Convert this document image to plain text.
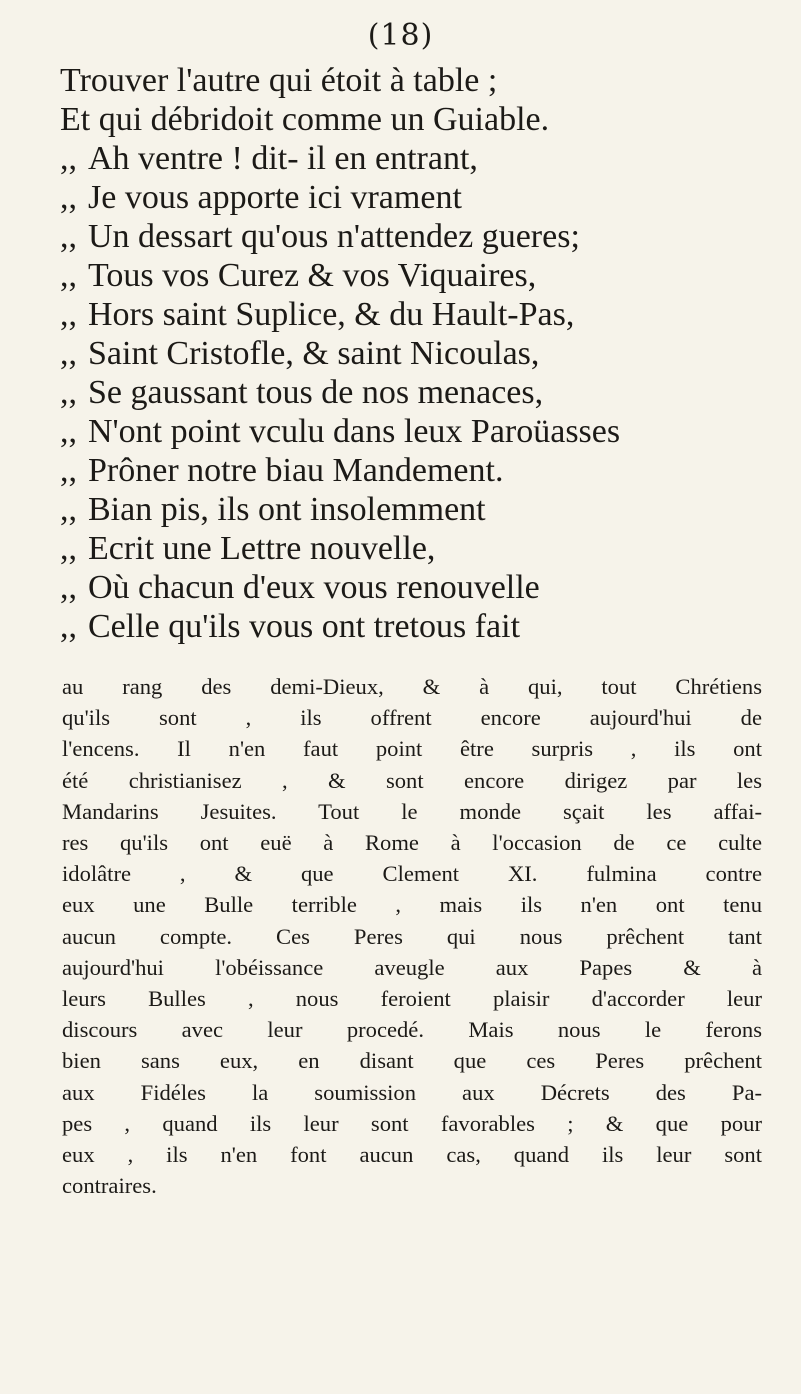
(18)
Trouver l'autre qui étoit à table ;
Et qui débridoit comme un Guiable.
,, Ah ventre ! dit- il en entrant,
,, Je vous apporte ici vrament
,, Un dessart qu'ous n'attendez gueres;
,, Tous vos Curez & vos Viquaires,
,, Hors saint Suplice, & du Hault-Pas,
,, Saint Cristofle, & saint Nicoulas,
,, Se gaussant tous de nos menaces,
,, N'ont point vculu dans leux Paroüasses
,, Prôner notre biau Mandement.
,, Bian pis, ils ont insolemment
,, Ecrit une Lettre nouvelle,
,, Où chacun d'eux vous renouvelle
,, Celle qu'ils vous ont tretous fait
au rang des demi-Dieux, & à qui, tout Chrétiens
qu'ils sont , ils offrent encore aujourd'hui de
l'encens. Il n'en faut point être surpris , ils ont
été christianisez , & sont encore dirigez par les
Mandarins Jesuites. Tout le monde sçait les affai-
res qu'ils ont euë à Rome à l'occasion de ce culte
idolâtre , & que Clement XI. fulmina contre
eux une Bulle terrible , mais ils n'en ont tenu
aucun compte. Ces Peres qui nous prêchent tant
aujourd'hui l'obéissance aveugle aux Papes & à
leurs Bulles , nous feroient plaisir d'accorder leur
discours avec leur procedé. Mais nous le ferons
bien sans eux, en disant que ces Peres prêchent
aux Fidéles la soumission aux Décrets des Pa-
pes , quand ils leur sont favorables ; & que pour
eux , ils n'en font aucun cas, quand ils leur sont
contraires.
